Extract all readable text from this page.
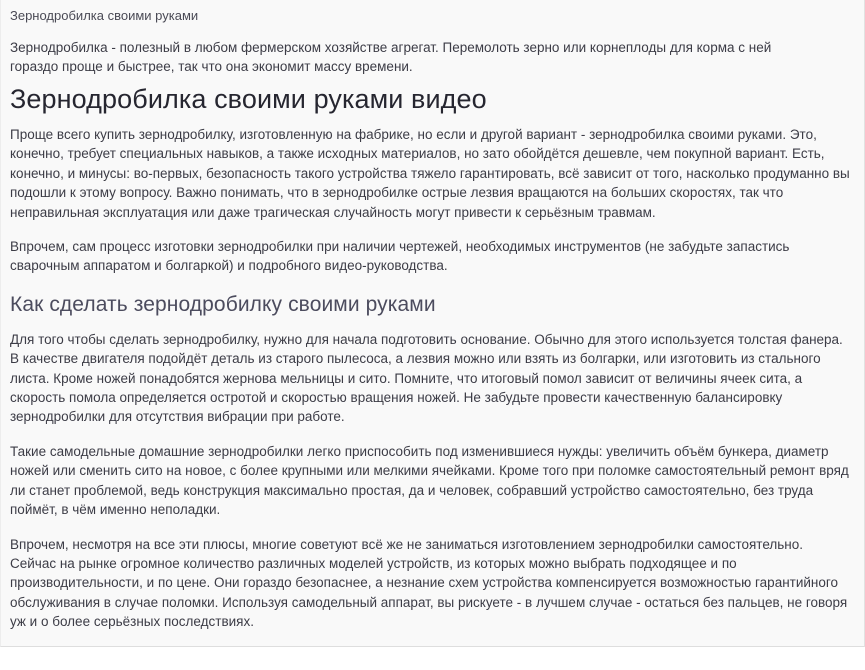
Зернодробилка своими руками

Зернодробилка - полезный в любом фермерском хозяйстве агрегат. Перемолоть зерно или корнеплоды для корма с ней гораздо проще и быстрее, так что она экономит массу времени.

Зернодробилка своими руками видео

Проще всего купить зернодробилку, изготовленную на фабрике, но если и другой вариант - зернодробилка своими руками. Это, конечно, требует специальных навыков, а также исходных материалов, но зато обойдётся дешевле, чем покупной вариант. Есть, конечно, и минусы: во-первых, безопасность такого устройства тяжело гарантировать, всё зависит от того, насколько продуманно вы подошли к этому вопросу. Важно понимать, что в зернодробилке острые лезвия вращаются на больших скоростях, так что неправильная эксплуатация или даже трагическая случайность могут привести к серьёзным травмам.

Впрочем, сам процесс изготовки зернодробилки при наличии чертежей, необходимых инструментов (не забудьте запастись сварочным аппаратом и болгаркой) и подробного видео-руководства.

Как сделать зернодробилку своими руками

Для того чтобы сделать зернодробилку, нужно для начала подготовить основание. Обычно для этого используется толстая фанера. В качестве двигателя подойдёт деталь из старого пылесоса, а лезвия можно или взять из болгарки, или изготовить из стального листа. Кроме ножей понадобятся жернова мельницы и сито. Помните, что итоговый помол зависит от величины ячеек сита, а скорость помола определяется остротой и скоростью вращения ножей. Не забудьте провести качественную балансировку зернодробилки для отсутствия вибрации при работе.

Такие самодельные домашние зернодробилки легко приспособить под изменившиеся нужды: увеличить объём бункера, диаметр ножей или сменить сито на новое, с более крупными или мелкими ячейками. Кроме того при поломке самостоятельный ремонт вряд ли станет проблемой, ведь конструкция максимально простая, да и человек, собравший устройство самостоятельно, без труда поймёт, в чём именно неполадки.

Впрочем, несмотря на все эти плюсы, многие советуют всё же не заниматься изготовлением зернодробилки самостоятельно. Сейчас на рынке огромное количество различных моделей устройств, из которых можно выбрать подходящее и по производительности, и по цене. Они гораздо безопаснее, а незнание схем устройства компенсируется возможностью гарантийного обслуживания в случае поломки. Используя самодельный аппарат, вы рискуете - в лучшем случае - остаться без пальцев, не говоря уж и о более серьёзных последствиях.
